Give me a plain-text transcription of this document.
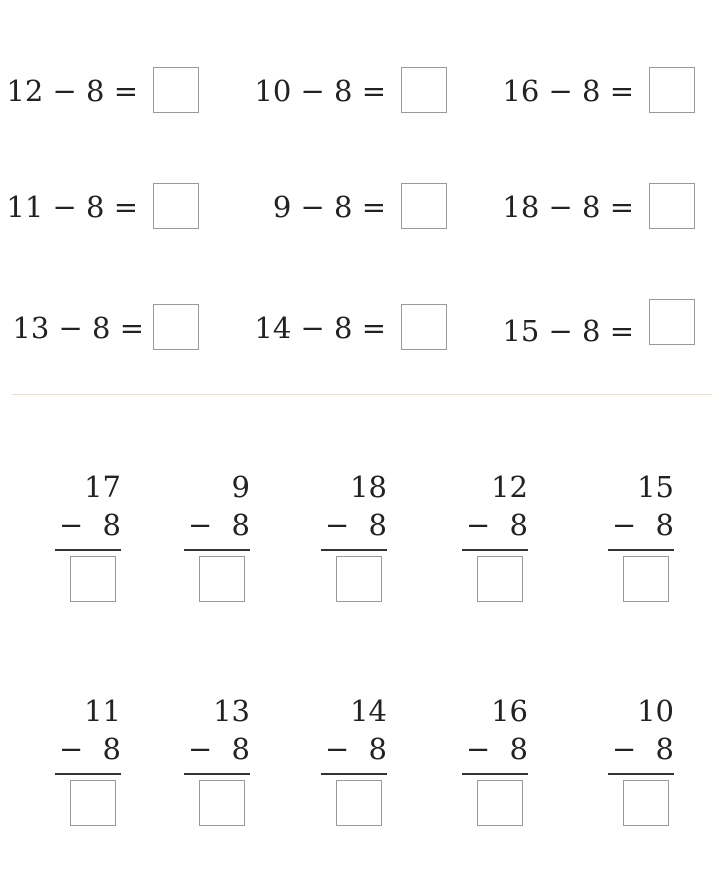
12 − 8 =	10 − 8 =	16 − 8 =
11 − 8 =	9 − 8 =	18 − 8 =
13 − 8 =	14 − 8 =	15 − 8 =
17
− 8
9
− 8
18
− 8
12
− 8
15
− 8
11
− 8
13
− 8
14
− 8
16
− 8
10
− 8
